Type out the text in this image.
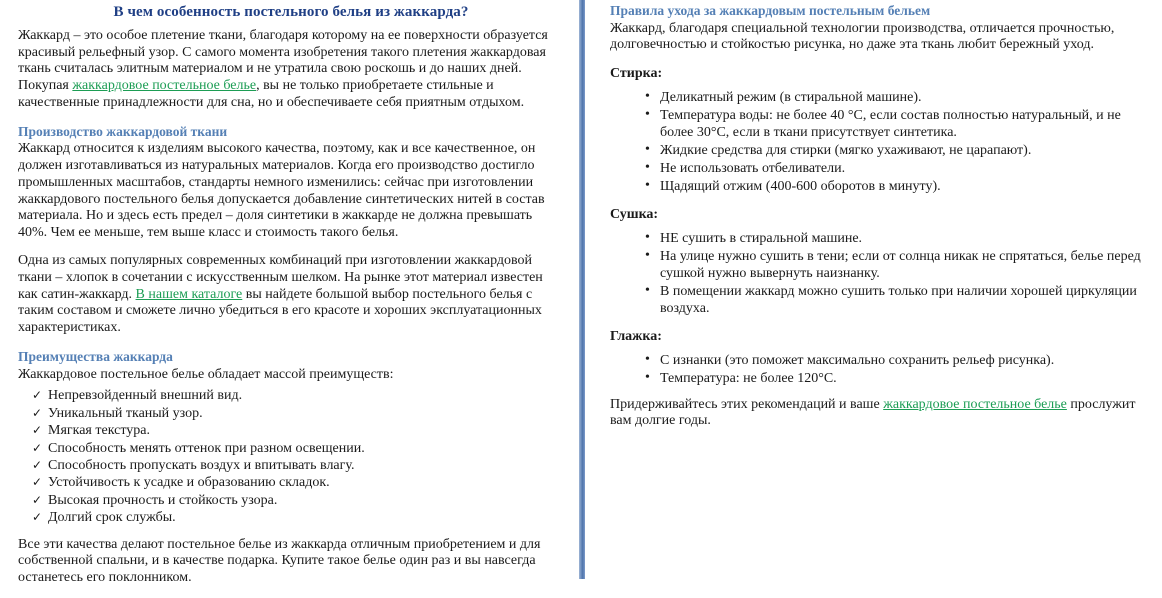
В чем особенность постельного белья из жаккарда?

Жаккард – это особое плетение ткани, благодаря которому на ее поверхности образуется красивый рельефный узор. С самого момента изобретения такого плетения жаккардовая ткань считалась элитным материалом и не утратила свою роскошь и до наших дней. Покупая жаккардовое постельное белье, вы не только приобретаете стильные и качественные принадлежности для сна, но и обеспечиваете себя приятным отдыхом.

Производство жаккардовой ткани

Жаккард относится к изделиям высокого качества, поэтому, как и все качественное, он должен изготавливаться из натуральных материалов. Когда его производство достигло промышленных масштабов, стандарты немного изменились: сейчас при изготовлении жаккардового постельного белья допускается добавление синтетических нитей в состав материала. Но и здесь есть предел – доля синтетики в жаккарде не должна превышать 40%. Чем ее меньше, тем выше класс и стоимость такого белья.

Одна из самых популярных современных комбинаций при изготовлении жаккардовой ткани – хлопок в сочетании с искусственным шелком. На рынке этот материал известен как сатин-жаккард. В нашем каталоге вы найдете большой выбор постельного белья с таким составом и сможете лично убедиться в его красоте и хороших эксплуатационных характеристиках.

Преимущества жаккарда

Жаккардовое постельное белье обладает массой преимуществ:

✓ Непревзойденный внешний вид.
✓ Уникальный тканый узор.
✓ Мягкая текстура.
✓ Способность менять оттенок при разном освещении.
✓ Способность пропускать воздух и впитывать влагу.
✓ Устойчивость к усадке и образованию складок.
✓ Высокая прочность и стойкость узора.
✓ Долгий срок службы.

Все эти качества делают постельное белье из жаккарда отличным приобретением и для собственной спальни, и в качестве подарка. Купите такое белье один раз и вы навсегда останетесь его поклонником.

Правила ухода за жаккардовым постельным бельем

Жаккард, благодаря специальной технологии производства, отличается прочностью, долговечностью и стойкостью рисунка, но даже эта ткань любит бережный уход.

Стирка:

• Деликатный режим (в стиральной машине).
• Температура воды: не более 40 °C, если состав полностью натуральный, и не более 30°C, если в ткани присутствует синтетика.
• Жидкие средства для стирки (мягко ухаживают, не царапают).
• Не использовать отбеливатели.
• Щадящий отжим (400-600 оборотов в минуту).

Сушка:

• НЕ сушить в стиральной машине.
• На улице нужно сушить в тени; если от солнца никак не спрятаться, белье перед сушкой нужно вывернуть наизнанку.
• В помещении жаккард можно сушить только при наличии хорошей циркуляции воздуха.

Глажка:

• С изнанки (это поможет максимально сохранить рельеф рисунка).
• Температура: не более 120°C.

Придерживайтесь этих рекомендаций и ваше жаккардовое постельное белье прослужит вам долгие годы.
